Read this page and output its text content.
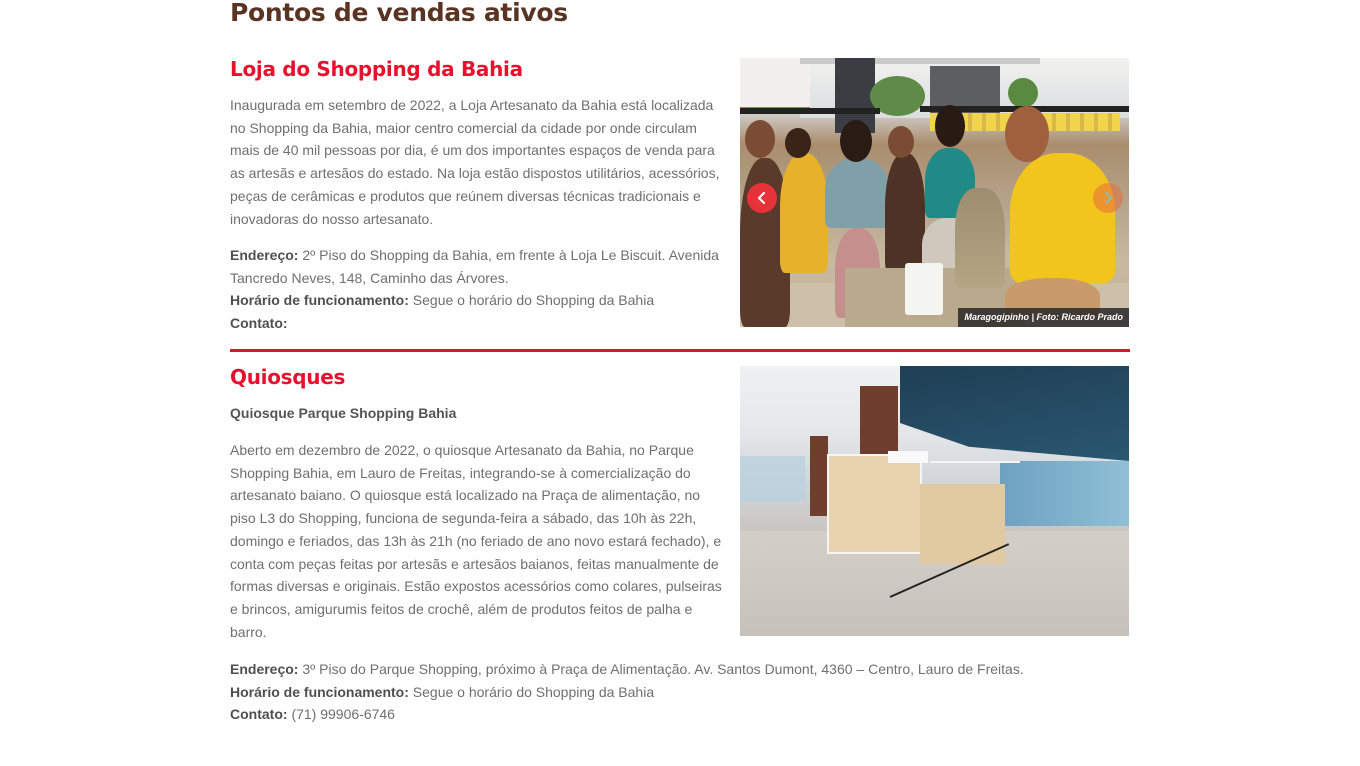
Pontos de vendas ativos
Loja do Shopping da Bahia

Inaugurada em setembro de 2022, a Loja Artesanato da Bahia está localizada no Shopping da Bahia, maior centro comercial da cidade por onde circulam mais de 40 mil pessoas por dia, é um dos importantes espaços de venda para as artesãs e artesãos do estado. Na loja estão dispostos utilitários, acessórios, peças de cerâmicas e produtos que reúnem diversas técnicas tradicionais e inovadoras do nosso artesanato.

Endereço: 2º Piso do Shopping da Bahia, em frente à Loja Le Biscuit. Avenida Tancredo Neves, 148, Caminho das Árvores.
Horário de funcionamento: Segue o horário do Shopping da Bahia
Contato:	Maragogipinho | Foto: Ricardo Prado
Quiosques
Quiosque Parque Shopping Bahia

Aberto em dezembro de 2022, o quiosque Artesanato da Bahia, no Parque Shopping Bahia, em Lauro de Freitas, integrando-se à comercialização do artesanato baiano. O quiosque está localizado na Praça de alimentação, no piso L3 do Shopping, funciona de segunda-feira a sábado, das 10h às 22h, domingo e feriados, das 13h às 21h (no feriado de ano novo estará fechado), e conta com peças feitas por artesãs e artesãos baianos, feitas manualmente de formas diversas e originais. Estão expostos acessórios como colares, pulseiras e brincos, amigurumis feitos de crochê, além de produtos feitos de palha e barro.

Endereço: 3º Piso do Parque Shopping, próximo à Praça de Alimentação. Av. Santos Dumont, 4360 – Centro, Lauro de Freitas.
Horário de funcionamento: Segue o horário do Shopping da Bahia
Contato: (71) 99906-6746
